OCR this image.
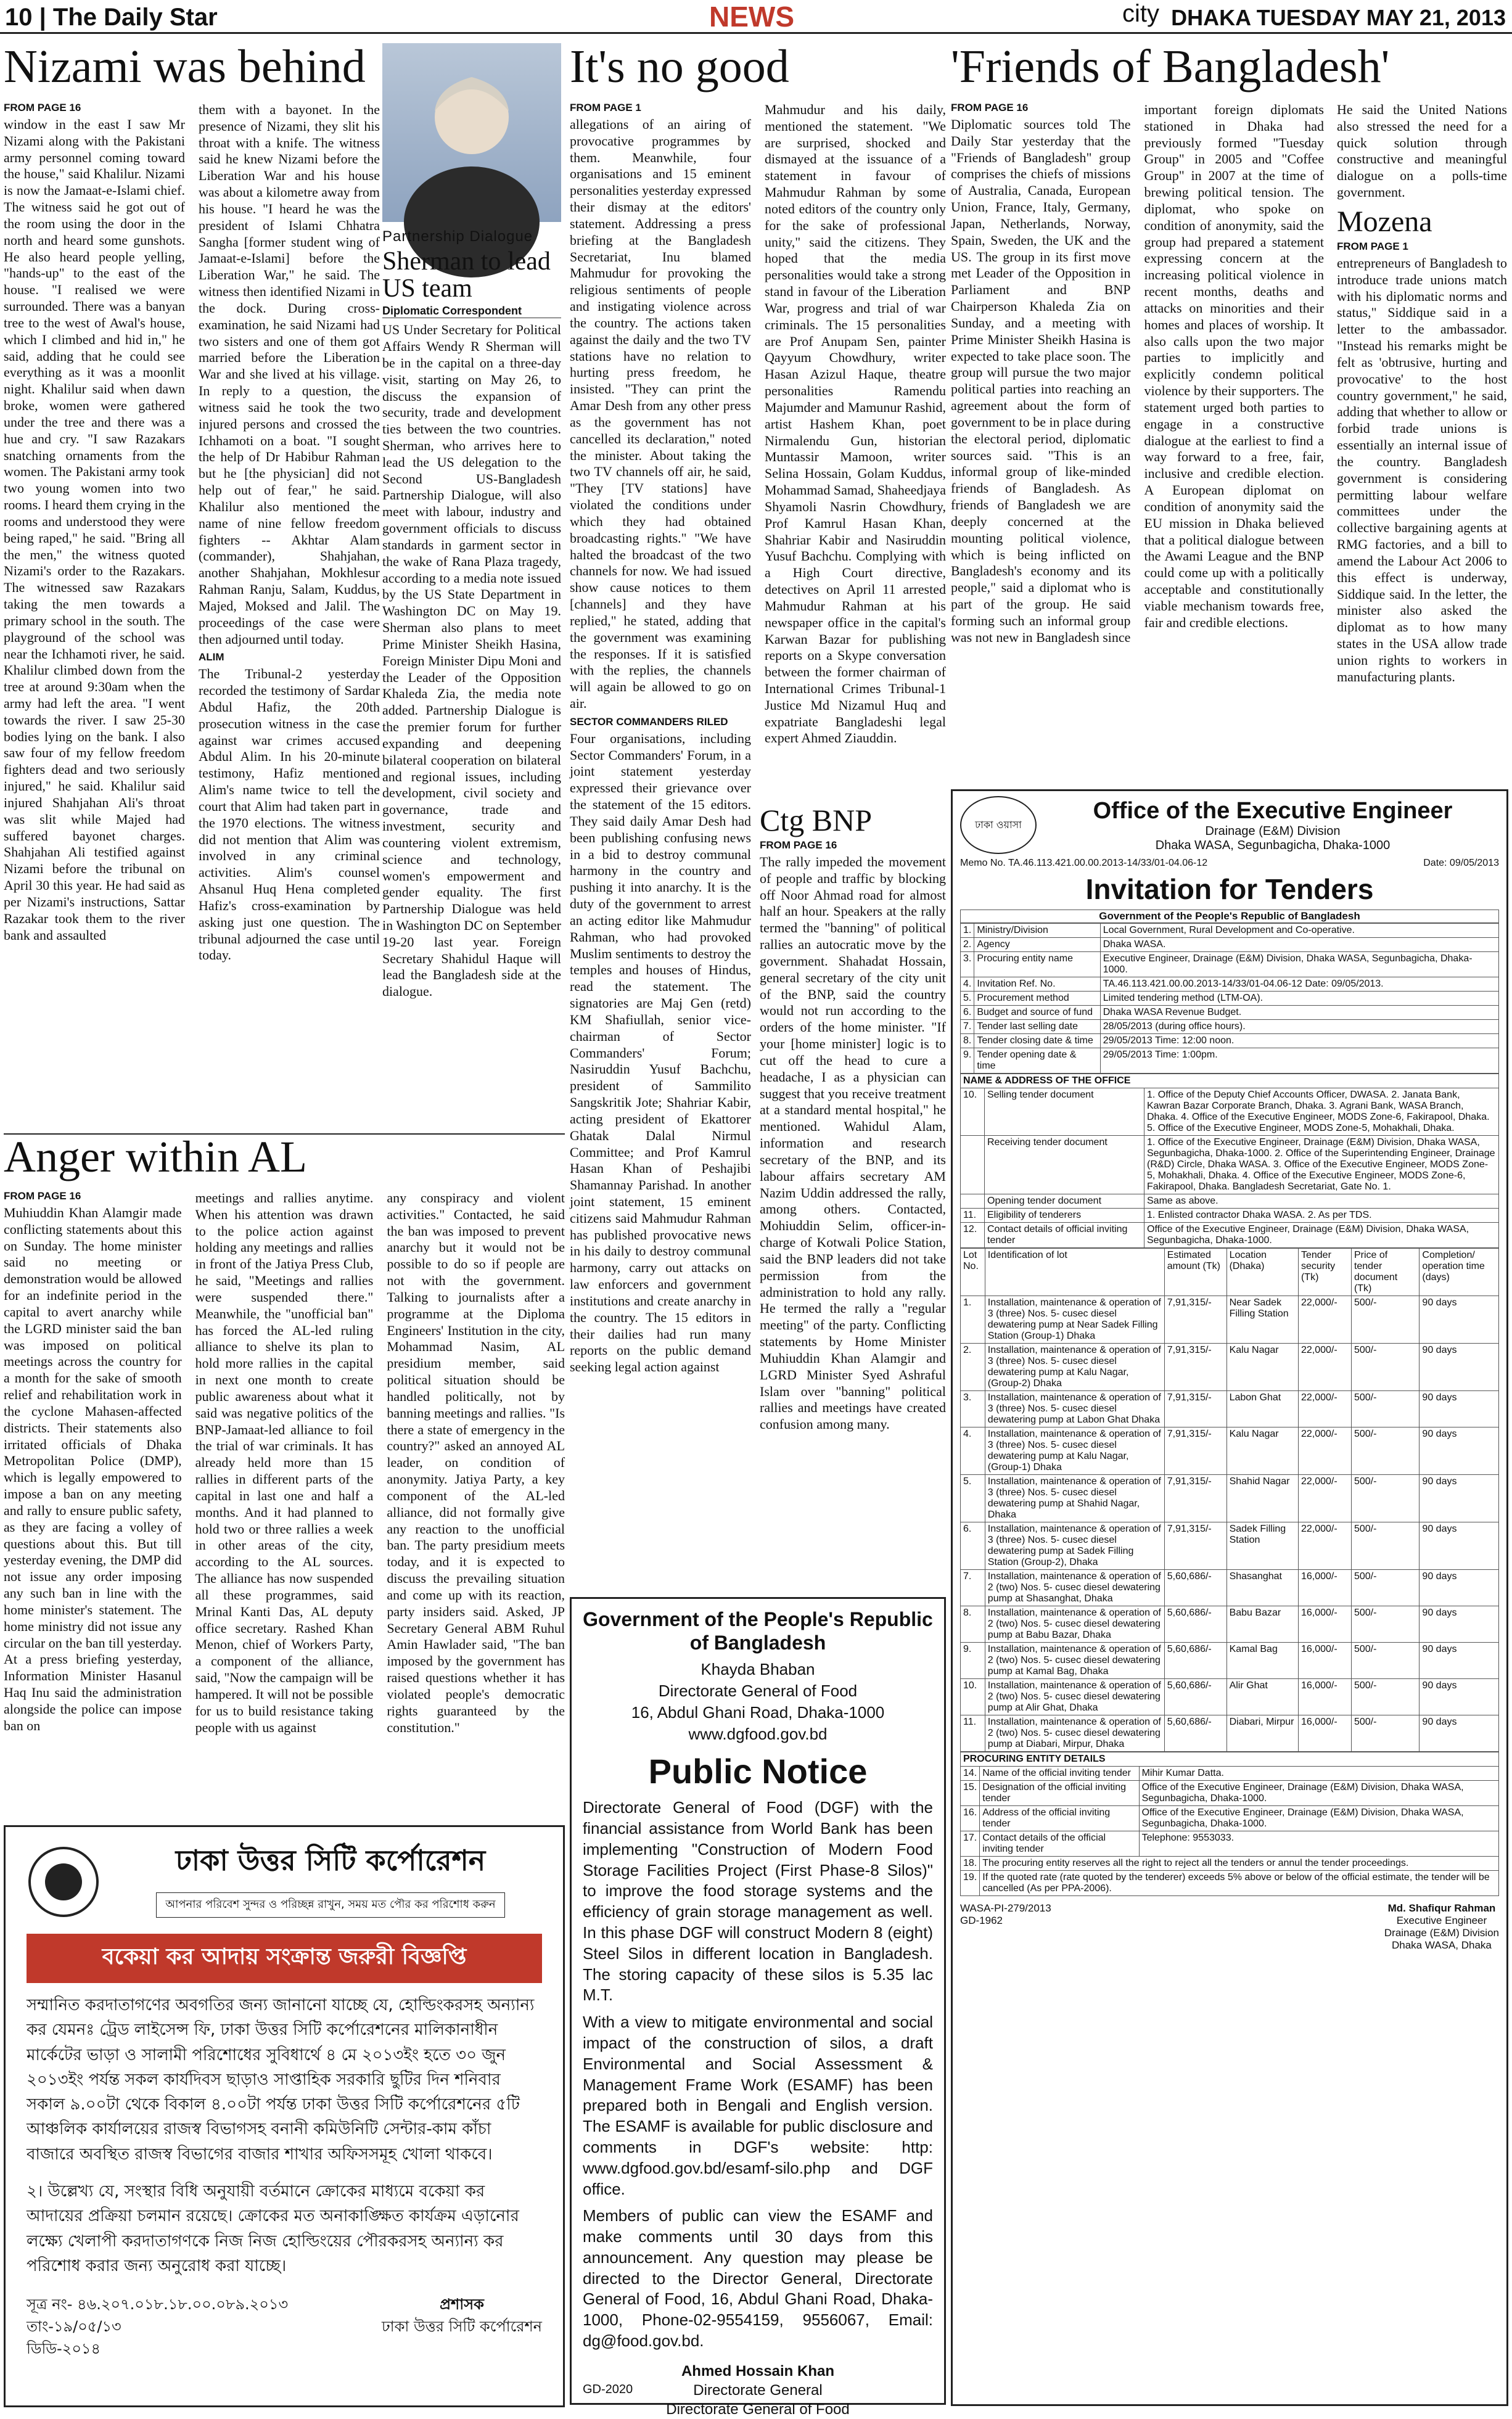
10 | The Daily Star	NEWS	city DHAKA TUESDAY MAY 21, 2013
Nizami was behind
FROM PAGE 16
window in the east I saw Mr Nizami along with the Pakistani army personnel coming toward the house," said Khalilur. Nizami is now the Jamaat-e-Islami chief. The witness said he got out of the room using the door in the north and heard some gunshots. He also heard people yelling, "hands-up" to the east of the house. "I realised we were surrounded. There was a banyan tree to the west of Awal's house, which I climbed and hid in," he said, adding that he could see everything as it was a moonlit night. Khalilur said when dawn broke, women were gathered under the tree and there was a hue and cry. "I saw Razakars snatching ornaments from the women. The Pakistani army took two young women into two rooms. I heard them crying in the rooms and understood they were being raped," he said. "Bring all the men," the witness quoted Nizami's order to the Razakars. The witnessed saw Razakars taking the men towards a primary school in the south. The playground of the school was near the Ichhamoti river, he said. Khalilur climbed down from the tree at around 9:30am when the army had left the area. "I went towards the river. I saw 25-30 bodies lying on the bank. I also saw four of my fellow freedom fighters dead and two seriously injured," he said. Khalilur said injured Shahjahan Ali's throat was slit while Majed had suffered bayonet charges. Shahjahan Ali testified against Nizami before the tribunal on April 30 this year. He had said as per Nizami's instructions, Sattar Razakar took them to the river bank and assaulted
them with a bayonet. In the presence of Nizami, they slit his throat with a knife. The witness said he knew Nizami before the Liberation War and his house was about a kilometre away from his house. "I heard he was the president of Islami Chhatra Sangha [former student wing of Jamaat-e-Islami] before the Liberation War," he said. The witness then identified Nizami in the dock. During cross-examination, he said Nizami had two sisters and one of them got married before the Liberation War and she lived at his village. In reply to a question, the witness said he took the two injured persons and crossed the Ichhamoti on a boat. "I sought the help of Dr Habibur Rahman but he [the physician] did not help out of fear," he said. Khalilur also mentioned the name of nine fellow freedom fighters -- Akhtar Alam (commander), Shahjahan, another Shahjahan, Mokhlesur Rahman Ranju, Salam, Kuddus, Majed, Moksed and Jalil. The proceedings of the case were then adjourned until today.
ALIM
The Tribunal-2 yesterday recorded the testimony of Sardar Abdul Hafiz, the 20th prosecution witness in the case against war crimes accused Abdul Alim. In his 20-minute testimony, Hafiz mentioned Alim's name twice to tell the court that Alim had taken part in the 1970 elections. The witness did not mention that Alim was involved in any criminal activities. Alim's counsel Ahsanul Huq Hena completed Hafiz's cross-examination by asking just one question. The tribunal adjourned the case until today.
Partnership Dialogue
Sherman to lead US team
Diplomatic Correspondent
US Under Secretary for Political Affairs Wendy R Sherman will be in the capital on a three-day visit, starting on May 26, to discuss the expansion of security, trade and development ties between the two countries. Sherman, who arrives here to lead the US delegation to the Second US-Bangladesh Partnership Dialogue, will also meet with labour, industry and government officials to discuss standards in garment sector in the wake of Rana Plaza tragedy, according to a media note issued by the US State Department in Washington DC on May 19. Sherman also plans to meet Prime Minister Sheikh Hasina, Foreign Minister Dipu Moni and the Leader of the Opposition Khaleda Zia, the media note added. Partnership Dialogue is the premier forum for further expanding and deepening bilateral cooperation on bilateral and regional issues, including development, civil society and governance, trade and investment, security and countering violent extremism, science and technology, women's empowerment and gender equality. The first Partnership Dialogue was held in Washington DC on September 19-20 last year. Foreign Secretary Shahidul Haque will lead the Bangladesh side at the dialogue.
Anger within AL
FROM PAGE 16
Muhiuddin Khan Alamgir made conflicting statements about this on Sunday. The home minister said no meeting or demonstration would be allowed for an indefinite period in the capital to avert anarchy while the LGRD minister said the ban was imposed on political meetings across the country for a month for the sake of smooth relief and rehabilitation work in the cyclone Mahasen-affected districts. Their statements also irritated officials of Dhaka Metropolitan Police (DMP), which is legally empowered to impose a ban on any meeting and rally to ensure public safety, as they are facing a volley of questions about this. But till yesterday evening, the DMP did not issue any order imposing any such ban in line with the home minister's statement. The home ministry did not issue any circular on the ban till yesterday. At a press briefing yesterday, Information Minister Hasanul Haq Inu said the administration alongside the police can impose ban on
meetings and rallies anytime. When his attention was drawn to the police action against holding any meetings and rallies in front of the Jatiya Press Club, he said, "Meetings and rallies were suspended there." Meanwhile, the "unofficial ban" has forced the AL-led ruling alliance to shelve its plan to hold more rallies in the capital in next one month to create public awareness about what it said was negative politics of the BNP-Jamaat-led alliance to foil the trial of war criminals. It has already held more than 15 rallies in different parts of the capital in last one and half a months. And it had planned to hold two or three rallies a week in other areas of the city, according to the AL sources. The alliance has now suspended all these programmes, said Mrinal Kanti Das, AL deputy office secretary. Rashed Khan Menon, chief of Workers Party, a component of the alliance, said, "Now the campaign will be hampered. It will not be possible for us to build resistance taking people with us against
any conspiracy and violent activities." Contacted, he said the ban was imposed to prevent anarchy but it would not be possible to do so if people are not with the government. Talking to journalists after a programme at the Diploma Engineers' Institution in the city, Mohammad Nasim, AL presidium member, said political situation should be handled politically, not by banning meetings and rallies. "Is there a state of emergency in the country?" asked an annoyed AL leader, on condition of anonymity. Jatiya Party, a key component of the AL-led alliance, did not formally give any reaction to the unofficial ban. The party presidium meets today, and it is expected to discuss the prevailing situation and come up with its reaction, party insiders said. Asked, JP Secretary General ABM Ruhul Amin Hawlader said, "The ban imposed by the government has raised questions whether it has violated people's democratic rights guaranteed by the constitution."
ঢাকা উত্তর সিটি কর্পোরেশন
আপনার পরিবেশ সুন্দর ও পরিচ্ছন্ন রাখুন, সময় মত পৌর কর পরিশোধ করুন
বকেয়া কর আদায় সংক্রান্ত জরুরী বিজ্ঞপ্তি
সম্মানিত করদাতাগণের অবগতির জন্য জানানো যাচ্ছে যে, হোল্ডিংকরসহ অন্যান্য কর যেমনঃ ট্রেড লাইসেন্স ফি, ঢাকা উত্তর সিটি কর্পোরেশনের মালিকানাধীন মার্কেটের ভাড়া ও সালামী পরিশোধের সুবিধার্থে ৪ মে ২০১৩ইং হতে ৩০ জুন ২০১৩ইং পর্যন্ত সকল কার্যদিবস ছাড়াও সাপ্তাহিক সরকারি ছুটির দিন শনিবার সকাল ৯.০০টা থেকে বিকাল ৪.০০টা পর্যন্ত ঢাকা উত্তর সিটি কর্পোরেশনের ৫টি আঞ্চলিক কার্যালয়ের রাজস্ব বিভাগসহ বনানী কমিউনিটি সেন্টার-কাম কাঁচা বাজারে অবস্থিত রাজস্ব বিভাগের বাজার শাখার অফিসসমূহ খোলা থাকবে।
২। উল্লেখ্য যে, সংস্থার বিধি অনুযায়ী বর্তমানে ক্রোকের মাধ্যমে বকেয়া কর আদায়ের প্রক্রিয়া চলমান রয়েছে। ক্রোকের মত অনাকাঙ্ক্ষিত কার্যক্রম এড়ানোর লক্ষ্যে খেলাপী করদাতাগণকে নিজ নিজ হোল্ডিংয়ের পৌরকরসহ অন্যান্য কর পরিশোধ করার জন্য অনুরোধ করা যাচ্ছে।
সূত্র নং- ৪৬.২০৭.০১৮.১৮.০০.০৮৯.২০১৩
তাং-১৯/০৫/১৩
ডিডি-২০১৪
প্রশাসক
ঢাকা উত্তর সিটি কর্পোরেশন
It's no good
FROM PAGE 1
allegations of an airing of provocative programmes by them. Meanwhile, four organisations and 15 eminent personalities yesterday expressed their dismay at the editors' statement. Addressing a press briefing at the Bangladesh Secretariat, Inu blamed Mahmudur for provoking the religious sentiments of people and instigating violence across the country. The actions taken against the daily and the two TV stations have no relation to hurting press freedom, he insisted. "They can print the Amar Desh from any other press as the government has not cancelled its declaration," noted the minister. About taking the two TV channels off air, he said, "They [TV stations] have violated the conditions under which they had obtained broadcasting rights." "We have halted the broadcast of the two channels for now. We had issued show cause notices to them [channels] and they have replied," he stated, adding that the government was examining the responses. If it is satisfied with the replies, the channels will again be allowed to go on air.
SECTOR COMMANDERS RILED
Four organisations, including Sector Commanders' Forum, in a joint statement yesterday expressed their grievance over the statement of the 15 editors. They said daily Amar Desh had been publishing confusing news in a bid to destroy communal harmony in the country and pushing it into anarchy. It is the duty of the government to arrest an acting editor like Mahmudur Rahman, who had provoked Muslim sentiments to destroy the temples and houses of Hindus, read the statement. The signatories are Maj Gen (retd) KM Shafiullah, senior vice-chairman of Sector Commanders' Forum; Nasiruddin Yusuf Bachchu, president of Sammilito Sangskritik Jote; Shahriar Kabir, acting president of Ekattorer Ghatak Dalal Nirmul Committee; and Prof Kamrul Hasan Khan of Peshajibi Shamannay Parishad. In another joint statement, 15 eminent citizens said Mahmudur Rahman has published provocative news in his daily to destroy communal harmony, carry out attacks on law enforcers and government institutions and create anarchy in the country. The 15 editors in their dailies had run many reports on the public demand seeking legal action against
Mahmudur and his daily, mentioned the statement. "We are surprised, shocked and dismayed at the issuance of a statement in favour of Mahmudur Rahman by some noted editors of the country only for the sake of professional unity," said the citizens. They hoped that the media personalities would take a strong stand in favour of the Liberation War, progress and trial of war criminals. The 15 personalities are Prof Anupam Sen, painter Qayyum Chowdhury, writer Hasan Azizul Haque, theatre personalities Ramendu Majumder and Mamunur Rashid, artist Hashem Khan, poet Nirmalendu Gun, historian Muntassir Mamoon, writer Selina Hossain, Golam Kuddus, Mohammad Samad, Shaheedjaya Shyamoli Nasrin Chowdhury, Prof Kamrul Hasan Khan, Shahriar Kabir and Nasiruddin Yusuf Bachchu. Complying with a High Court directive, detectives on April 11 arrested Mahmudur Rahman at his newspaper office in the capital's Karwan Bazar for publishing reports on a Skype conversation between the former chairman of International Crimes Tribunal-1 Justice Md Nizamul Huq and expatriate Bangladeshi legal expert Ahmed Ziauddin.
Ctg BNP
FROM PAGE 16
The rally impeded the movement of people and traffic by blocking off Noor Ahmad road for almost half an hour. Speakers at the rally termed the "banning" of political rallies an autocratic move by the government. Shahadat Hossain, general secretary of the city unit of the BNP, said the country would not run according to the orders of the home minister. "If your [home minister] logic is to cut off the head to cure a headache, I as a physician can suggest that you receive treatment at a standard mental hospital," he mentioned. Wahidul Alam, information and research secretary of the BNP, and its labour affairs secretary AM Nazim Uddin addressed the rally, among others. Contacted, Mohiuddin Selim, officer-in-charge of Kotwali Police Station, said the BNP leaders did not take permission from the administration to hold any rally. He termed the rally a "regular meeting" of the party. Conflicting statements by Home Minister Muhiuddin Khan Alamgir and LGRD Minister Syed Ashraful Islam over "banning" political rallies and meetings have created confusion among many.
Government of the People's Republic of Bangladesh
Khayda Bhaban
Directorate General of Food
16, Abdul Ghani Road, Dhaka-1000
www.dgfood.gov.bd
Public Notice
Directorate General of Food (DGF) with the financial assistance from World Bank has been implementing "Construction of Modern Food Storage Facilities Project (First Phase-8 Silos)" to improve the food storage systems and the efficiency of grain storage management as well. In this phase DGF will construct Modern 8 (eight) Steel Silos in different location in Bangladesh. The storing capacity of these silos is 5.35 lac M.T.
With a view to mitigate environmental and social impact of the construction of silos, a draft Environmental and Social Assessment & Management Frame Work (ESAMF) has been prepared both in Bengali and English version. The ESAMF is available for public disclosure and comments in DGF's website: http: www.dgfood.gov.bd/esamf-silo.php and DGF office.
Members of public can view the ESAMF and make comments until 30 days from this announcement. Any question may please be directed to the Director General, Directorate General of Food, 16, Abdul Ghani Road, Dhaka-1000, Phone-02-9554159, 9556067, Email: dg@food.gov.bd.
Ahmed Hossain Khan
Directorate General
Directorate General of Food
GD-2020
'Friends of Bangladesh'
FROM PAGE 16
Diplomatic sources told The Daily Star yesterday that the "Friends of Bangladesh" group comprises the chiefs of missions of Australia, Canada, European Union, France, Italy, Germany, Japan, Netherlands, Norway, Spain, Sweden, the UK and the US. The group in its first move met Leader of the Opposition in Parliament and BNP Chairperson Khaleda Zia on Sunday, and a meeting with Prime Minister Sheikh Hasina is expected to take place soon. The group will pursue the two major political parties into reaching an agreement about the form of government to be in place during the electoral period, diplomatic sources said. "This is an informal group of like-minded friends of Bangladesh. As friends of Bangladesh we are deeply concerned at the mounting political violence, which is being inflicted on Bangladesh's economy and its people," said a diplomat who is part of the group. He said forming such an informal group was not new in Bangladesh since
important foreign diplomats stationed in Dhaka had previously formed "Tuesday Group" in 2005 and "Coffee Group" in 2007 at the time of brewing political tension. The diplomat, who spoke on condition of anonymity, said the group had prepared a statement expressing concern at the increasing political violence in recent months, deaths and attacks on minorities and their homes and places of worship. It also calls upon the two major parties to implicitly and explicitly condemn political violence by their supporters. The statement urged both parties to engage in a constructive dialogue at the earliest to find a way forward to a free, fair, inclusive and credible election. A European diplomat on condition of anonymity said the EU mission in Dhaka believed that a political dialogue between the Awami League and the BNP could come up with a politically acceptable and constitutionally viable mechanism towards free, fair and credible elections.
He said the United Nations also stressed the need for a quick solution through constructive and meaningful dialogue on a polls-time government.
Mozena
FROM PAGE 1
entrepreneurs of Bangladesh to introduce trade unions match with his diplomatic norms and status," Siddique said in a letter to the ambassador. "Instead his remarks might be felt as 'obtrusive, hurting and provocative' to the host country government," he said, adding that whether to allow or forbid trade unions is essentially an internal issue of the country. Bangladesh government is considering permitting labour welfare committees under the collective bargaining agents at RMG factories, and a bill to amend the Labour Act 2006 to this effect is underway, Siddique said. In the letter, the minister also asked the diplomat as to how many states in the USA allow trade union rights to workers in manufacturing plants.
ঢাকা ওয়াসা
Office of the Executive Engineer
Drainage (E&M) Division
Dhaka WASA, Segunbagicha, Dhaka-1000
Memo No. TA.46.113.421.00.00.2013-14/33/01-04.06-12	Date: 09/05/2013
Invitation for Tenders
Government of the People's Republic of Bangladesh
1.	Ministry/Division	Local Government, Rural Development and Co-operative.
2.	Agency	Dhaka WASA.
3.	Procuring entity name	Executive Engineer, Drainage (E&M) Division, Dhaka WASA, Segunbagicha, Dhaka-1000.
4.	Invitation Ref. No.	TA.46.113.421.00.00.2013-14/33/01-04.06-12 Date: 09/05/2013.
5.	Procurement method	Limited tendering method (LTM-OA).
6.	Budget and source of fund	Dhaka WASA Revenue Budget.
7.	Tender last selling date	28/05/2013 (during office hours).
8.	Tender closing date & time	29/05/2013 Time: 12:00 noon.
9.	Tender opening date & time	29/05/2013 Time: 1:00pm.
NAME & ADDRESS OF THE OFFICE		
10.	Selling tender document	1. Office of the Deputy Chief Accounts Officer, DWASA. 2. Janata Bank, Kawran Bazar Corporate Branch, Dhaka. 3. Agrani Bank, WASA Branch, Dhaka. 4. Office of the Executive Engineer, MODS Zone-6, Fakirapool, Dhaka. 5. Office of the Executive Engineer, MODS Zone-5, Mohakhali, Dhaka.
	Receiving tender document	1. Office of the Executive Engineer, Drainage (E&M) Division, Dhaka WASA, Segunbagicha, Dhaka-1000. 2. Office of the Superintending Engineer, Drainage (R&D) Circle, Dhaka WASA. 3. Office of the Executive Engineer, MODS Zone-5, Mohakhali, Dhaka. 4. Office of the Executive Engineer, MODS Zone-6, Fakirapool, Dhaka. Bangladesh Secretariat, Gate No. 1.
	Opening tender document	Same as above.
11.	Eligibility of tenderers	1. Enlisted contractor Dhaka WASA. 2. As per TDS.
12.	Contact details of official inviting tender	Office of the Executive Engineer, Drainage (E&M) Division, Dhaka WASA, Segunbagicha, Dhaka-1000.
Lot No.	Identification of lot	Estimated amount (Tk)	Location (Dhaka)	Tender security (Tk)	Price of tender document (Tk)	Completion/ operation time (days)
1.	Installation, maintenance & operation of 3 (three) Nos. 5- cusec diesel dewatering pump at Near Sadek Filling Station (Group-1) Dhaka	7,91,315/-	Near Sadek Filling Station	22,000/-	500/-	90 days
2.	Installation, maintenance & operation of 3 (three) Nos. 5- cusec diesel dewatering pump at Kalu Nagar, (Group-2) Dhaka	7,91,315/-	Kalu Nagar	22,000/-	500/-	90 days
3.	Installation, maintenance & operation of 3 (three) Nos. 5- cusec diesel dewatering pump at Labon Ghat Dhaka	7,91,315/-	Labon Ghat	22,000/-	500/-	90 days
4.	Installation, maintenance & operation of 3 (three) Nos. 5- cusec diesel dewatering pump at Kalu Nagar, (Group-1) Dhaka	7,91,315/-	Kalu Nagar	22,000/-	500/-	90 days
5.	Installation, maintenance & operation of 3 (three) Nos. 5- cusec diesel dewatering pump at Shahid Nagar, Dhaka	7,91,315/-	Shahid Nagar	22,000/-	500/-	90 days
6.	Installation, maintenance & operation of 3 (three) Nos. 5- cusec diesel dewatering pump at Sadek Filling Station (Group-2), Dhaka	7,91,315/-	Sadek Filling Station	22,000/-	500/-	90 days
7.	Installation, maintenance & operation of 2 (two) Nos. 5- cusec diesel dewatering pump at Shasanghat, Dhaka	5,60,686/-	Shasanghat	16,000/-	500/-	90 days
8.	Installation, maintenance & operation of 2 (two) Nos. 5- cusec diesel dewatering pump at Babu Bazar, Dhaka	5,60,686/-	Babu Bazar	16,000/-	500/-	90 days
9.	Installation, maintenance & operation of 2 (two) Nos. 5- cusec diesel dewatering pump at Kamal Bag, Dhaka	5,60,686/-	Kamal Bag	16,000/-	500/-	90 days
10.	Installation, maintenance & operation of 2 (two) Nos. 5- cusec diesel dewatering pump at Alir Ghat, Dhaka	5,60,686/-	Alir Ghat	16,000/-	500/-	90 days
11.	Installation, maintenance & operation of 2 (two) Nos. 5- cusec diesel dewatering pump at Diabari, Mirpur, Dhaka	5,60,686/-	Diabari, Mirpur	16,000/-	500/-	90 days
PROCURING ENTITY DETAILS		
14.	Name of the official inviting tender	Mihir Kumar Datta.
15.	Designation of the official inviting tender	Office of the Executive Engineer, Drainage (E&M) Division, Dhaka WASA, Segunbagicha, Dhaka-1000.
16.	Address of the official inviting tender	Office of the Executive Engineer, Drainage (E&M) Division, Dhaka WASA, Segunbagicha, Dhaka-1000.
17.	Contact details of the official inviting tender	Telephone: 9553033.
18.	The procuring entity reserves all the right to reject all the tenders or annul the tender proceedings.	
19.	If the quoted rate (rate quoted by the tenderer) exceeds 5% above or below of the official estimate, the tender will be cancelled (As per PPA-2006).	
WASA-PI-279/2013
GD-1962
Md. Shafiqur Rahman
Executive Engineer
Drainage (E&M) Division
Dhaka WASA, Dhaka
